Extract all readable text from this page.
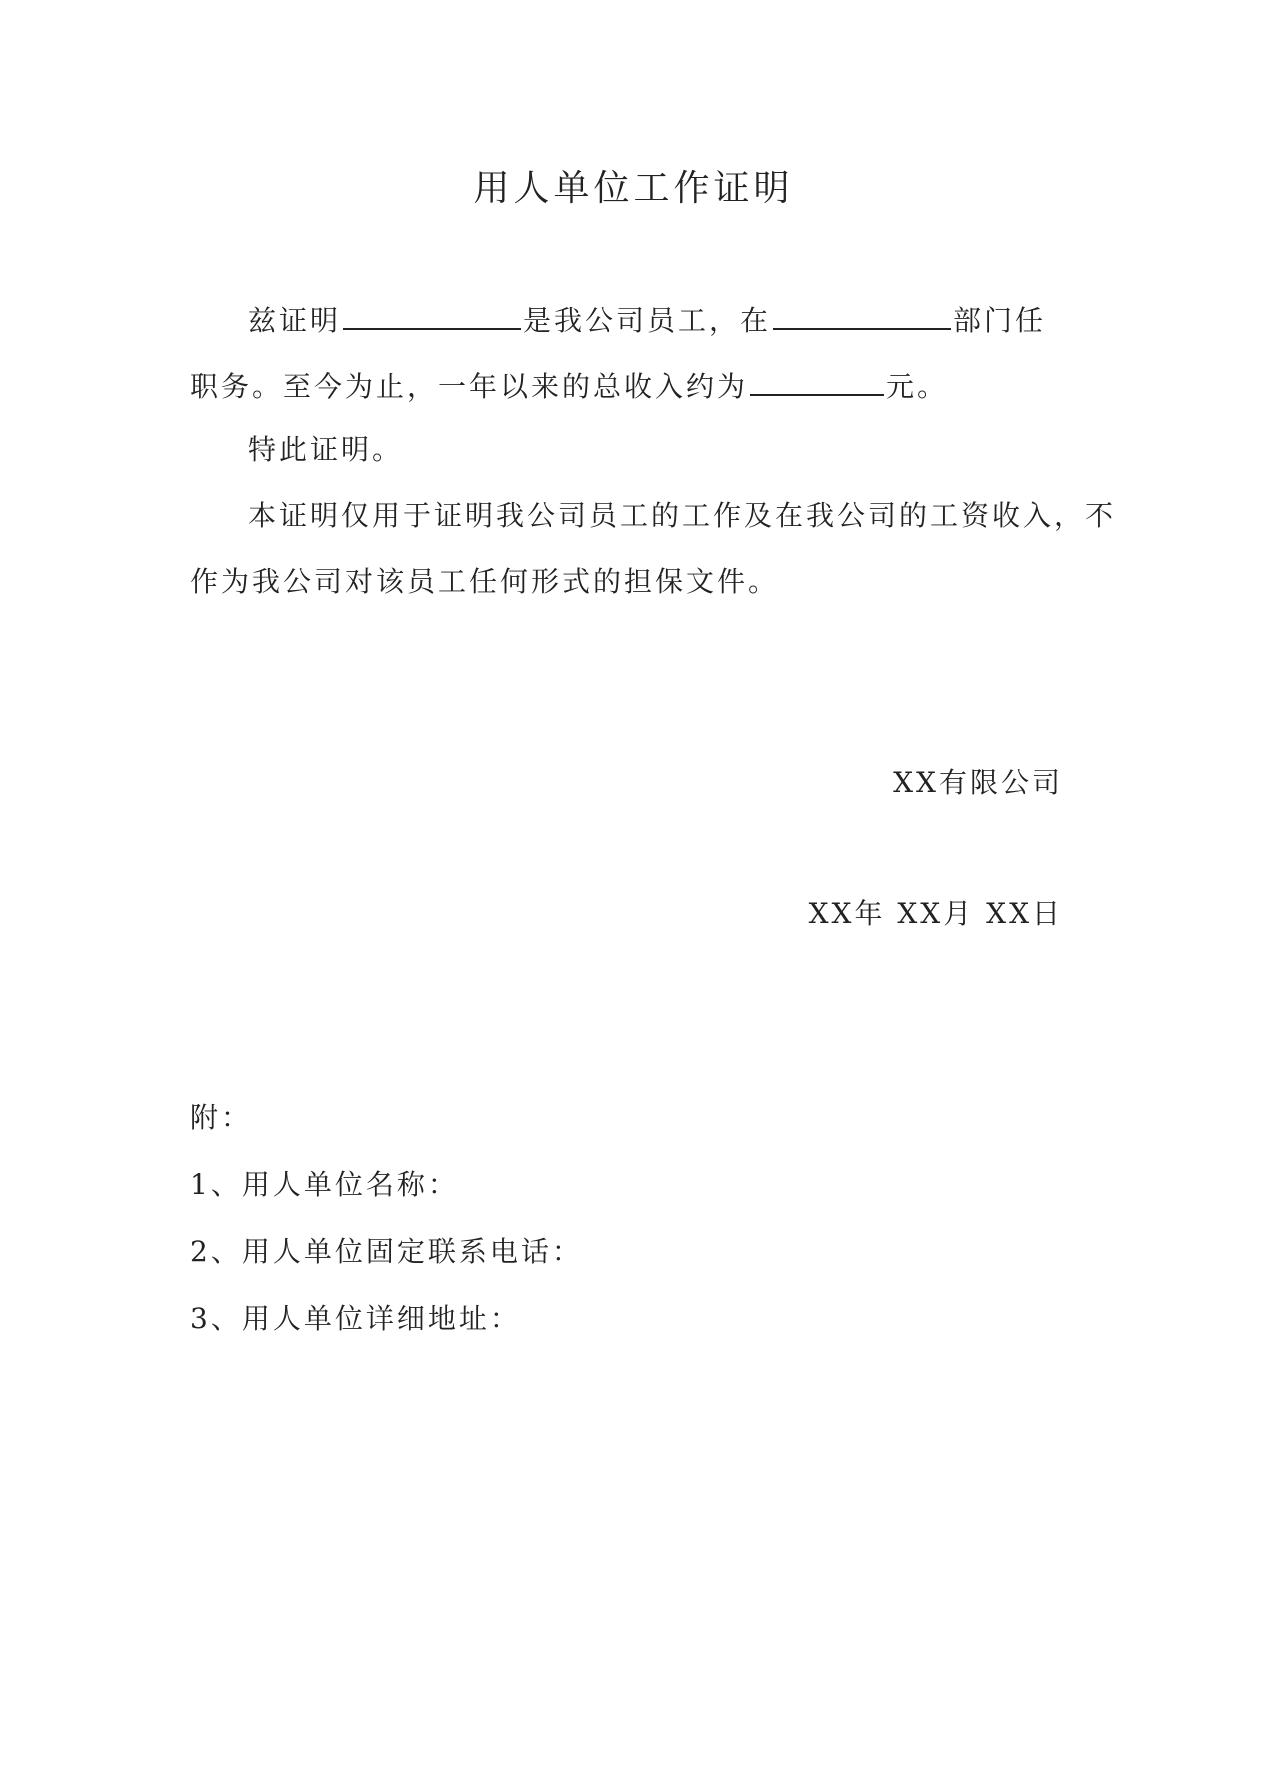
用人单位工作证明
兹证明	是我公司员工，在	部门任
职务。至今为止，一年以来的总收入约为	元。
特此证明。
本证明仅用于证明我公司员工的工作及在我公司的工资收入，不
作为我公司对该员工任何形式的担保文件。
XX有限公司
XX年 XX月 XX日
附：
1、用人单位名称：
2、用人单位固定联系电话：
3、用人单位详细地址：
